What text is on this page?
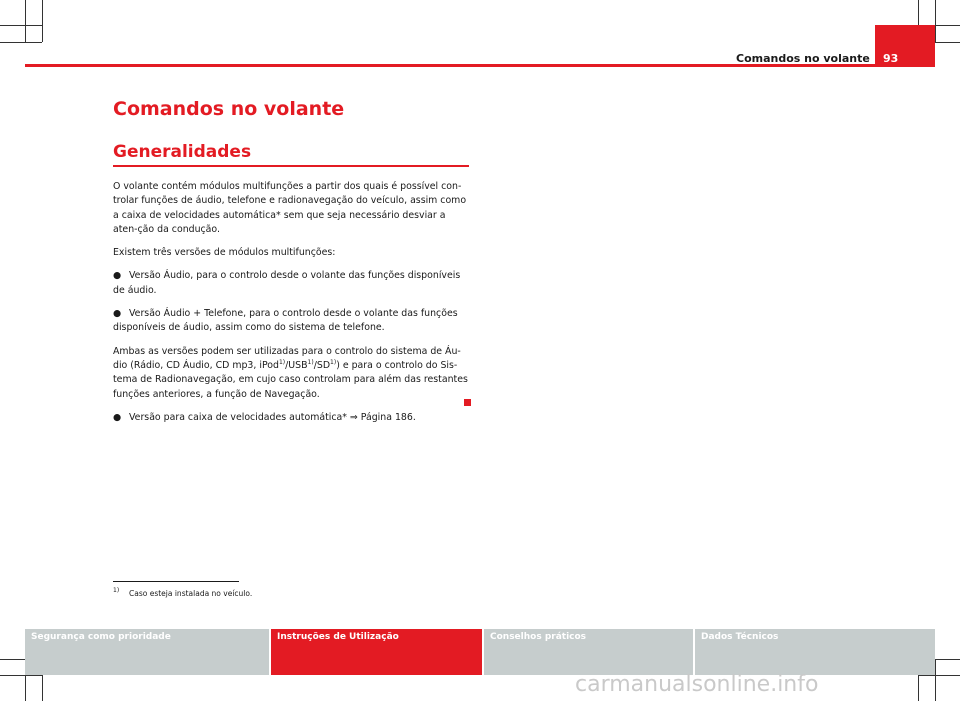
Comandos no volante 93
Comandos no volante
Generalidades

O volante contém módulos multifunções a partir dos quais é possível con-trolar funções de áudio, telefone e radionavegação do veículo, assim como a caixa de velocidades automática* sem que seja necessário desviar a aten-ção da condução.

Existem três versões de módulos multifunções:

● Versão Áudio, para o controlo desde o volante das funções disponíveis de áudio.

● Versão Áudio + Telefone, para o controlo desde o volante das funções disponíveis de áudio, assim como do sistema de telefone.

Ambas as versões podem ser utilizadas para o controlo do sistema de Áu-dio (Rádio, CD Áudio, CD mp3, iPod$^{1)}$/USB$^{1)}$/SD$^{1)}$) e para o controlo do Sis-tema de Radionavegação, em cujo caso controlam para além das restantes funções anteriores, a função de Navegação.

● Versão para caixa de velocidades automática* ⇒ Página 186.

1) Caso esteja instalada no veículo.
Segurança como prioridade	Instruções de Utilização	Conselhos práticos	Dados Técnicos
carmanualsonline.info
